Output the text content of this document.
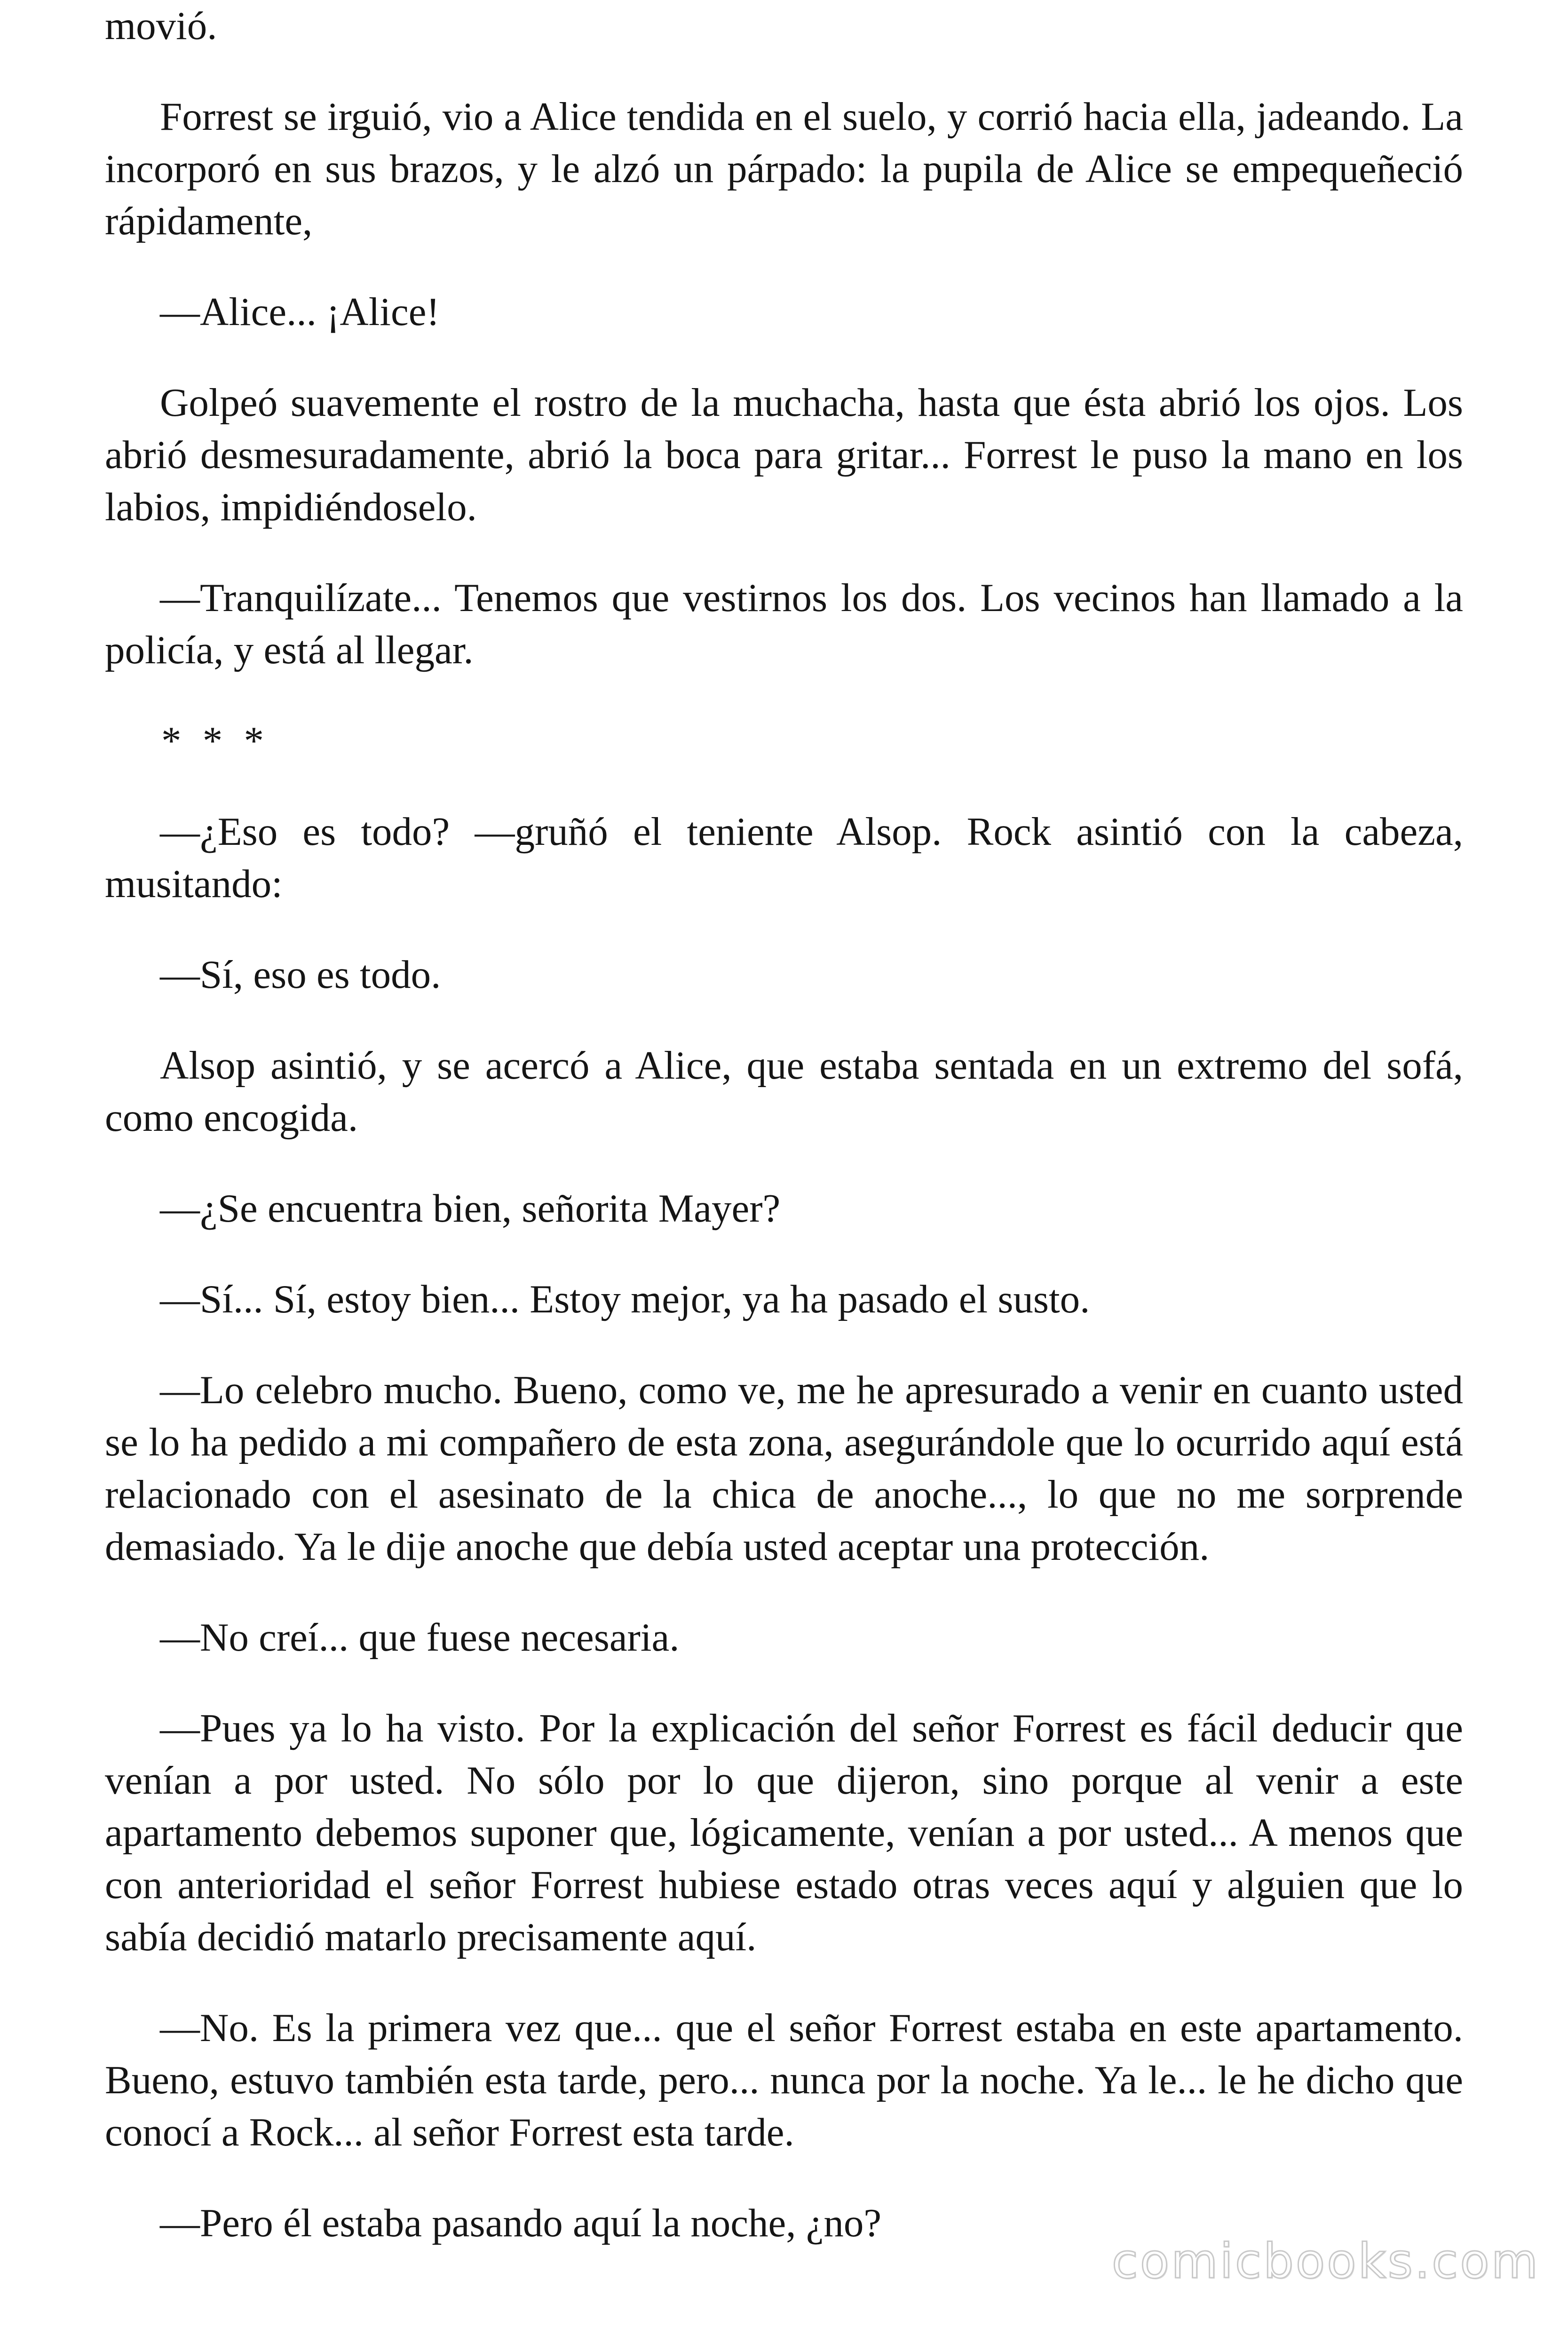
movió.

Forrest se irguió, vio a Alice tendida en el suelo, y corrió hacia ella, jadeando. La incorporó en sus brazos, y le alzó un párpado: la pupila de Alice se empequeñeció rápidamente,

—Alice... ¡Alice!

Golpeó suavemente el rostro de la muchacha, hasta que ésta abrió los ojos. Los abrió desmesuradamente, abrió la boca para gritar... Forrest le puso la mano en los labios, impidiéndoselo.

—Tranquilízate... Tenemos que vestirnos los dos. Los vecinos han llamado a la policía, y está al llegar.

* * *

—¿Eso es todo? —gruñó el teniente Alsop. Rock asintió con la cabeza, musitando:

—Sí, eso es todo.

Alsop asintió, y se acercó a Alice, que estaba sentada en un extremo del sofá, como encogida.

—¿Se encuentra bien, señorita Mayer?

—Sí... Sí, estoy bien... Estoy mejor, ya ha pasado el susto.

—Lo celebro mucho. Bueno, como ve, me he apresurado a venir en cuanto usted se lo ha pedido a mi compañero de esta zona, asegurándole que lo ocurrido aquí está relacionado con el asesinato de la chica de anoche..., lo que no me sorprende demasiado. Ya le dije anoche que debía usted aceptar una protección.

—No creí... que fuese necesaria.

—Pues ya lo ha visto. Por la explicación del señor Forrest es fácil deducir que venían a por usted. No sólo por lo que dijeron, sino porque al venir a este apartamento debemos suponer que, lógicamente, venían a por usted... A menos que con anterioridad el señor Forrest hubiese estado otras veces aquí y alguien que lo sabía decidió matarlo precisamente aquí.

—No. Es la primera vez que... que el señor Forrest estaba en este apartamento. Bueno, estuvo también esta tarde, pero... nunca por la noche. Ya le... le he dicho que conocí a Rock... al señor Forrest esta tarde.

—Pero él estaba pasando aquí la noche, ¿no?

comicbooks.com
